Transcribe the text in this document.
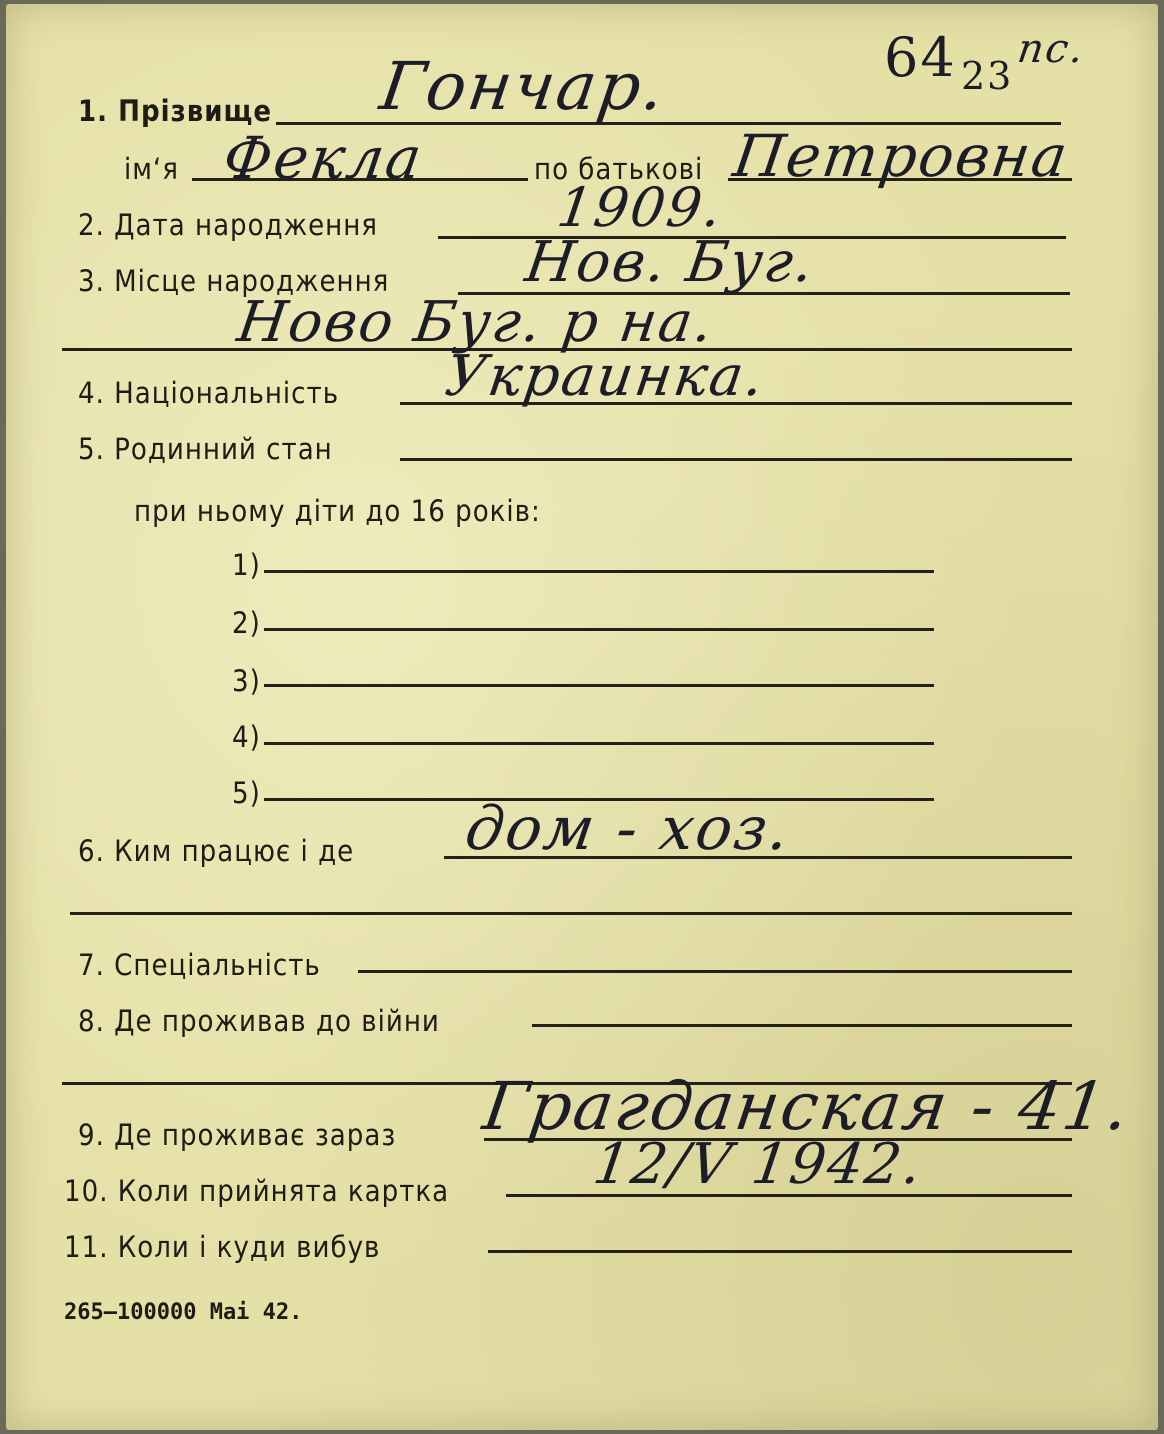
1. Прізвище Гончар.	64 23
пс.
ім‘я Фекла	по батькові Петровна
2. Дата народження	1909.
3. Місце народження Нов. Буг.
Ново Буг. р на.
4. Національність Украинка.
5. Родинний стан
при ньому діти до 16 років:
1)
2)
3)
4)
5)
6. Ким працює і де дом - хоз.
7. Спеціальність
8. Де проживав до війни
9. Де проживає зараз Грагданская - 41.
10. Коли прийнята картка	12/V 1942.
11. Коли і куди вибув
265–100000 Mai 42.
